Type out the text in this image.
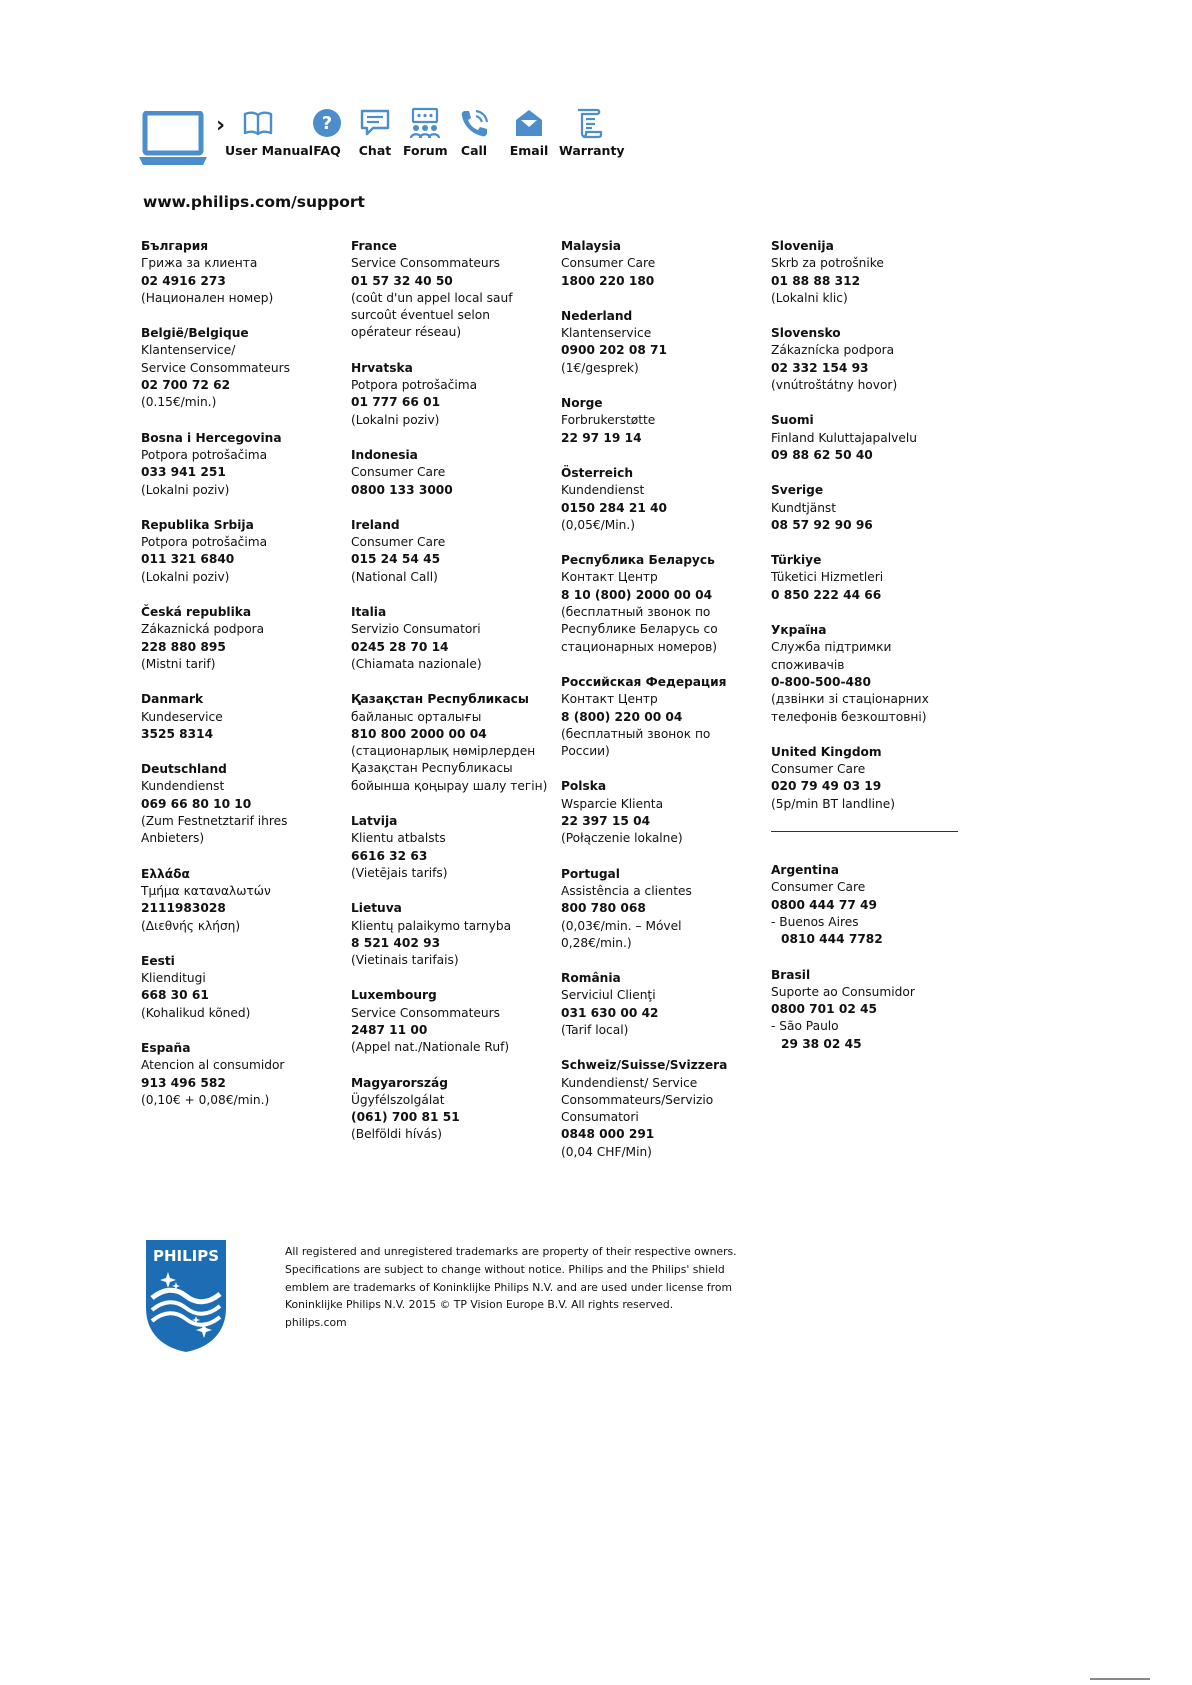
›
User Manual
?
FAQ	Chat Forum	Call	Email Warranty
www.philips.com/support
България
Грижа за клиента
02 4916 273
(Национален номер)
België/Belgique
Klantenservice/
Service Consommateurs
02 700 72 62
(0.15€/min.)
Bosna i Hercegovina
Potpora potrošačima
033 941 251
(Lokalni poziv)
Republika Srbija
Potpora potrošačima
011 321 6840
(Lokalni poziv)
Česká republika
Zákaznická podpora
228 880 895
(Mistni tarif)
Danmark
Kundeservice
3525 8314
Deutschland
Kundendienst
069 66 80 10 10
(Zum Festnetztarif ihres
Anbieters)
Ελλάδα
Τμήμα καταναλωτών
2111983028
(Διεθνής κλήση)
Eesti
Klienditugi
668 30 61
(Kohalikud kõned)
España
Atencion al consumidor
913 496 582
(0,10€ + 0,08€/min.)
France
Service Consommateurs
01 57 32 40 50
(coût d'un appel local sauf
surcoût éventuel selon
opérateur réseau)
Hrvatska
Potpora potrošačima
01 777 66 01
(Lokalni poziv)
Indonesia
Consumer Care
0800 133 3000
Ireland
Consumer Care
015 24 54 45
(National Call)
Italia
Servizio Consumatori
0245 28 70 14
(Chiamata nazionale)
Қазақстан Республикасы
байланыс орталығы
810 800 2000 00 04
(стационарлық нөмірлерден
Қазақстан Республикасы
бойынша қоңырау шалу тегін)
Latvija
Klientu atbalsts
6616 32 63
(Vietējais tarifs)
Lietuva
Klientų palaikymo tarnyba
8 521 402 93
(Vietinais tarifais)
Luxembourg
Service Consommateurs
2487 11 00
(Appel nat./Nationale Ruf)
Magyarország
Ügyfélszolgálat
(061) 700 81 51
(Belföldi hívás)
Malaysia
Consumer Care
1800 220 180
Nederland
Klantenservice
0900 202 08 71
(1€/gesprek)
Norge
Forbrukerstøtte
22 97 19 14
Österreich
Kundendienst
0150 284 21 40
(0,05€/Min.)
Республика Беларусь
Контакт Центр
8 10 (800) 2000 00 04
(бесплатный звонок по
Республике Беларусь со
стационарных номеров)
Российская Федерация
Контакт Центр
8 (800) 220 00 04
(бесплатный звонок по
России)
Polska
Wsparcie Klienta
22 397 15 04
(Połączenie lokalne)
Portugal
Assistência a clientes
800 780 068
(0,03€/min. – Móvel
0,28€/min.)
România
Serviciul Clienţi
031 630 00 42
(Tarif local)
Schweiz/Suisse/Svizzera
Kundendienst/ Service
Consommateurs/Servizio
Consumatori
0848 000 291
(0,04 CHF/Min)
Slovenija
Skrb za potrošnike
01 88 88 312
(Lokalni klic)
Slovensko
Zákaznícka podpora
02 332 154 93
(vnútroštátny hovor)
Suomi
Finland Kuluttajapalvelu
09 88 62 50 40
Sverige
Kundtjänst
08 57 92 90 96
Türkiye
Tüketici Hizmetleri
0 850 222 44 66
Україна
Служба підтримки
споживачів
0-800-500-480
(дзвінки зі стаціонарних
телефонів безкоштовні)
United Kingdom
Consumer Care
020 79 49 03 19
(5p/min BT landline)
Argentina
Consumer Care
0800 444 77 49
- Buenos Aires
0810 444 7782
Brasil
Suporte ao Consumidor
0800 701 02 45
- São Paulo
29 38 02 45
PHILIPS	All registered and unregistered trademarks are property of their respective owners.
Specifications are subject to change without notice. Philips and the Philips' shield
emblem are trademarks of Koninklijke Philips N.V. and are used under license from
Koninklijke Philips N.V. 2015 © TP Vision Europe B.V. All rights reserved.
philips.com
